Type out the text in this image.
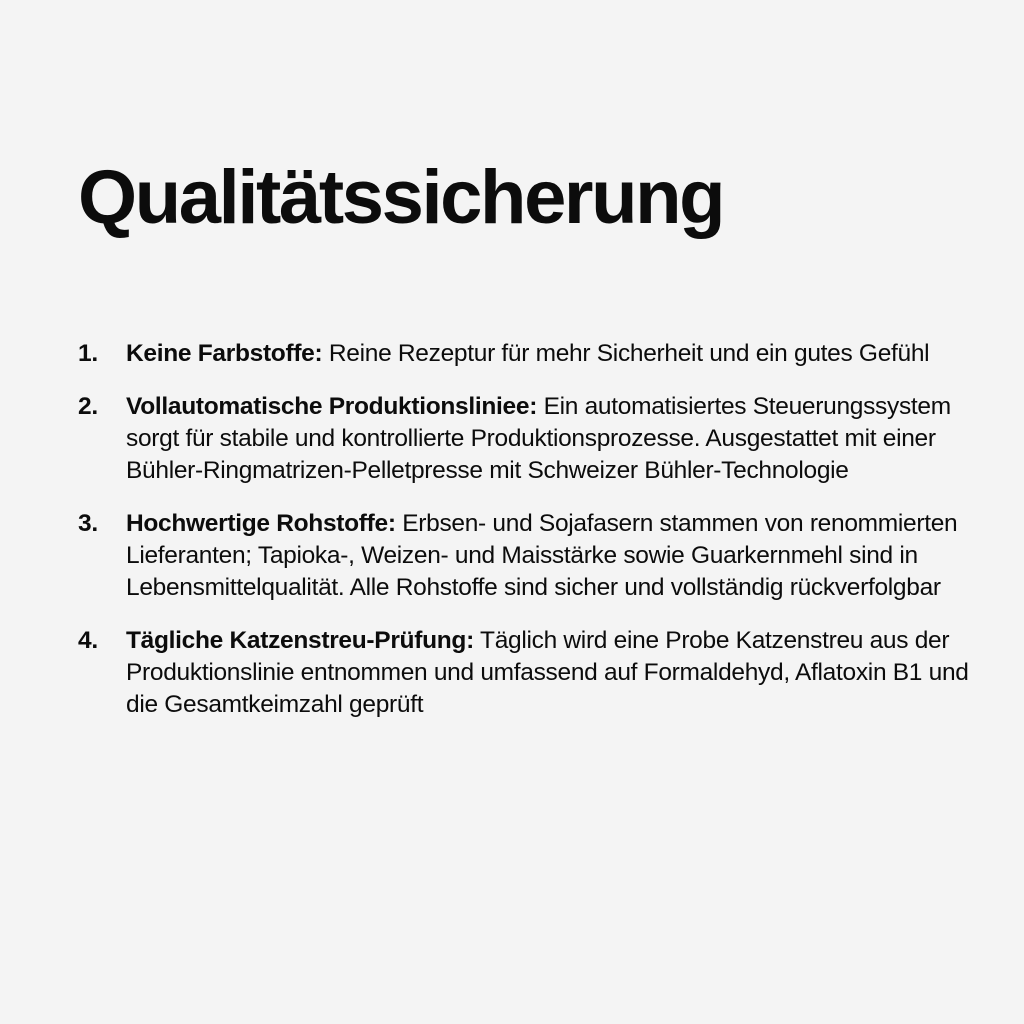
Qualitätssicherung
1. Keine Farbstoffe: Reine Rezeptur für mehr Sicherheit und ein gutes Gefühl
2. Vollautomatische Produktionsliniee: Ein automatisiertes Steuerungssystem sorgt für stabile und kontrollierte Produktionsprozesse. Ausgestattet mit einer Bühler-Ringmatrizen-Pelletpresse mit Schweizer Bühler-Technologie
3. Hochwertige Rohstoffe: Erbsen- und Sojafasern stammen von renommierten Lieferanten; Tapioka-, Weizen- und Maisstärke sowie Guarkernmehl sind in Lebensmittelqualität. Alle Rohstoffe sind sicher und vollständig rückverfolgbar
4. Tägliche Katzenstreu-Prüfung: Täglich wird eine Probe Katzenstreu aus der Produktionslinie entnommen und umfassend auf Formaldehyd, Aflatoxin B1 und die Gesamtkeimzahl geprüft
